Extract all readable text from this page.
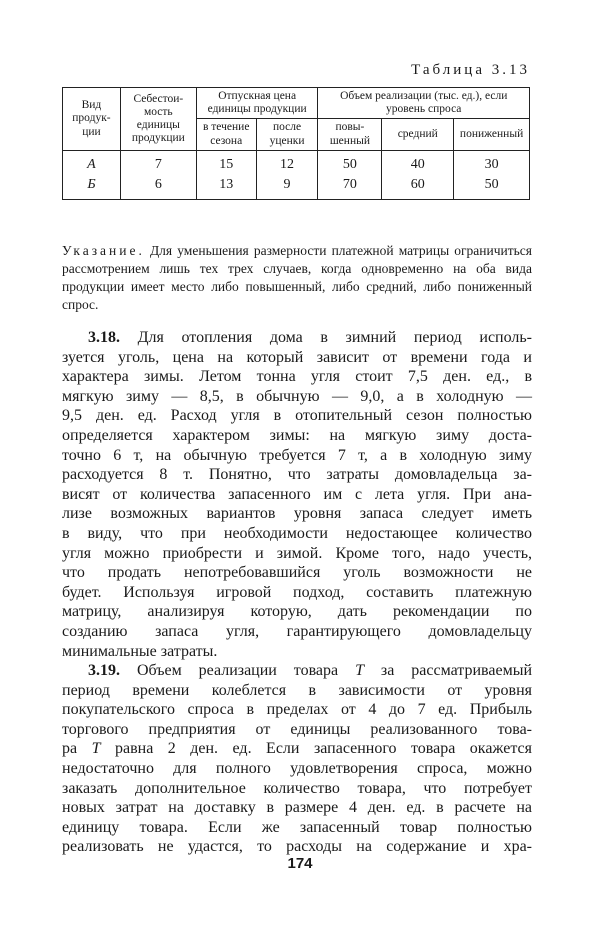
Таблица 3.13
Вид продукции	Себестоимость единицы продукции	Отпускная цена единицы продукции		Объем реализации (тыс. ед.), если уровень спроса		
		в течение сезона	после уценки	повышенный	средний	пониженный
А	7	15	12	50	40	30
Б	6	13	9	70	60	50
Указание. Для уменьшения размерности платежной матрицы ограничиться рассмотрением лишь тех трех случаев, когда одновременно на оба вида продукции имеет место либо повышенный, либо средний, либо пониженный спрос.

3.18. Для отопления дома в зимний период исполь-
зуется уголь, цена на который зависит от времени года и
характера зимы. Летом тонна угля стоит 7,5 ден. ед., в
мягкую зиму — 8,5, в обычную — 9,0, а в холодную —
9,5 ден. ед. Расход угля в отопительный сезон полностью
определяется характером зимы: на мягкую зиму доста-
точно 6 т, на обычную требуется 7 т, а в холодную зиму
расходуется 8 т. Понятно, что затраты домовладельца за-
висят от количества запасенного им с лета угля. При ана-
лизе возможных вариантов уровня запаса следует иметь
в виду, что при необходимости недостающее количество
угля можно приобрести и зимой. Кроме того, надо учесть,
что продать непотребовавшийся уголь возможности не
будет. Используя игровой подход, составить платежную
матрицу, анализируя которую, дать рекомендации по
созданию запаса угля, гарантирующего домовладельцу
минимальные затраты.

3.19. Объем реализации товара Т за рассматриваемый
период времени колеблется в зависимости от уровня
покупательского спроса в пределах от 4 до 7 ед. Прибыль
торгового предприятия от единицы реализованного това-
ра Т равна 2 ден. ед. Если запасенного товара окажется
недостаточно для полного удовлетворения спроса, можно
заказать дополнительное количество товара, что потребует
новых затрат на доставку в размере 4 ден. ед. в расчете на
единицу товара. Если же запасенный товар полностью
реализовать не удастся, то расходы на содержание и хра-

174
